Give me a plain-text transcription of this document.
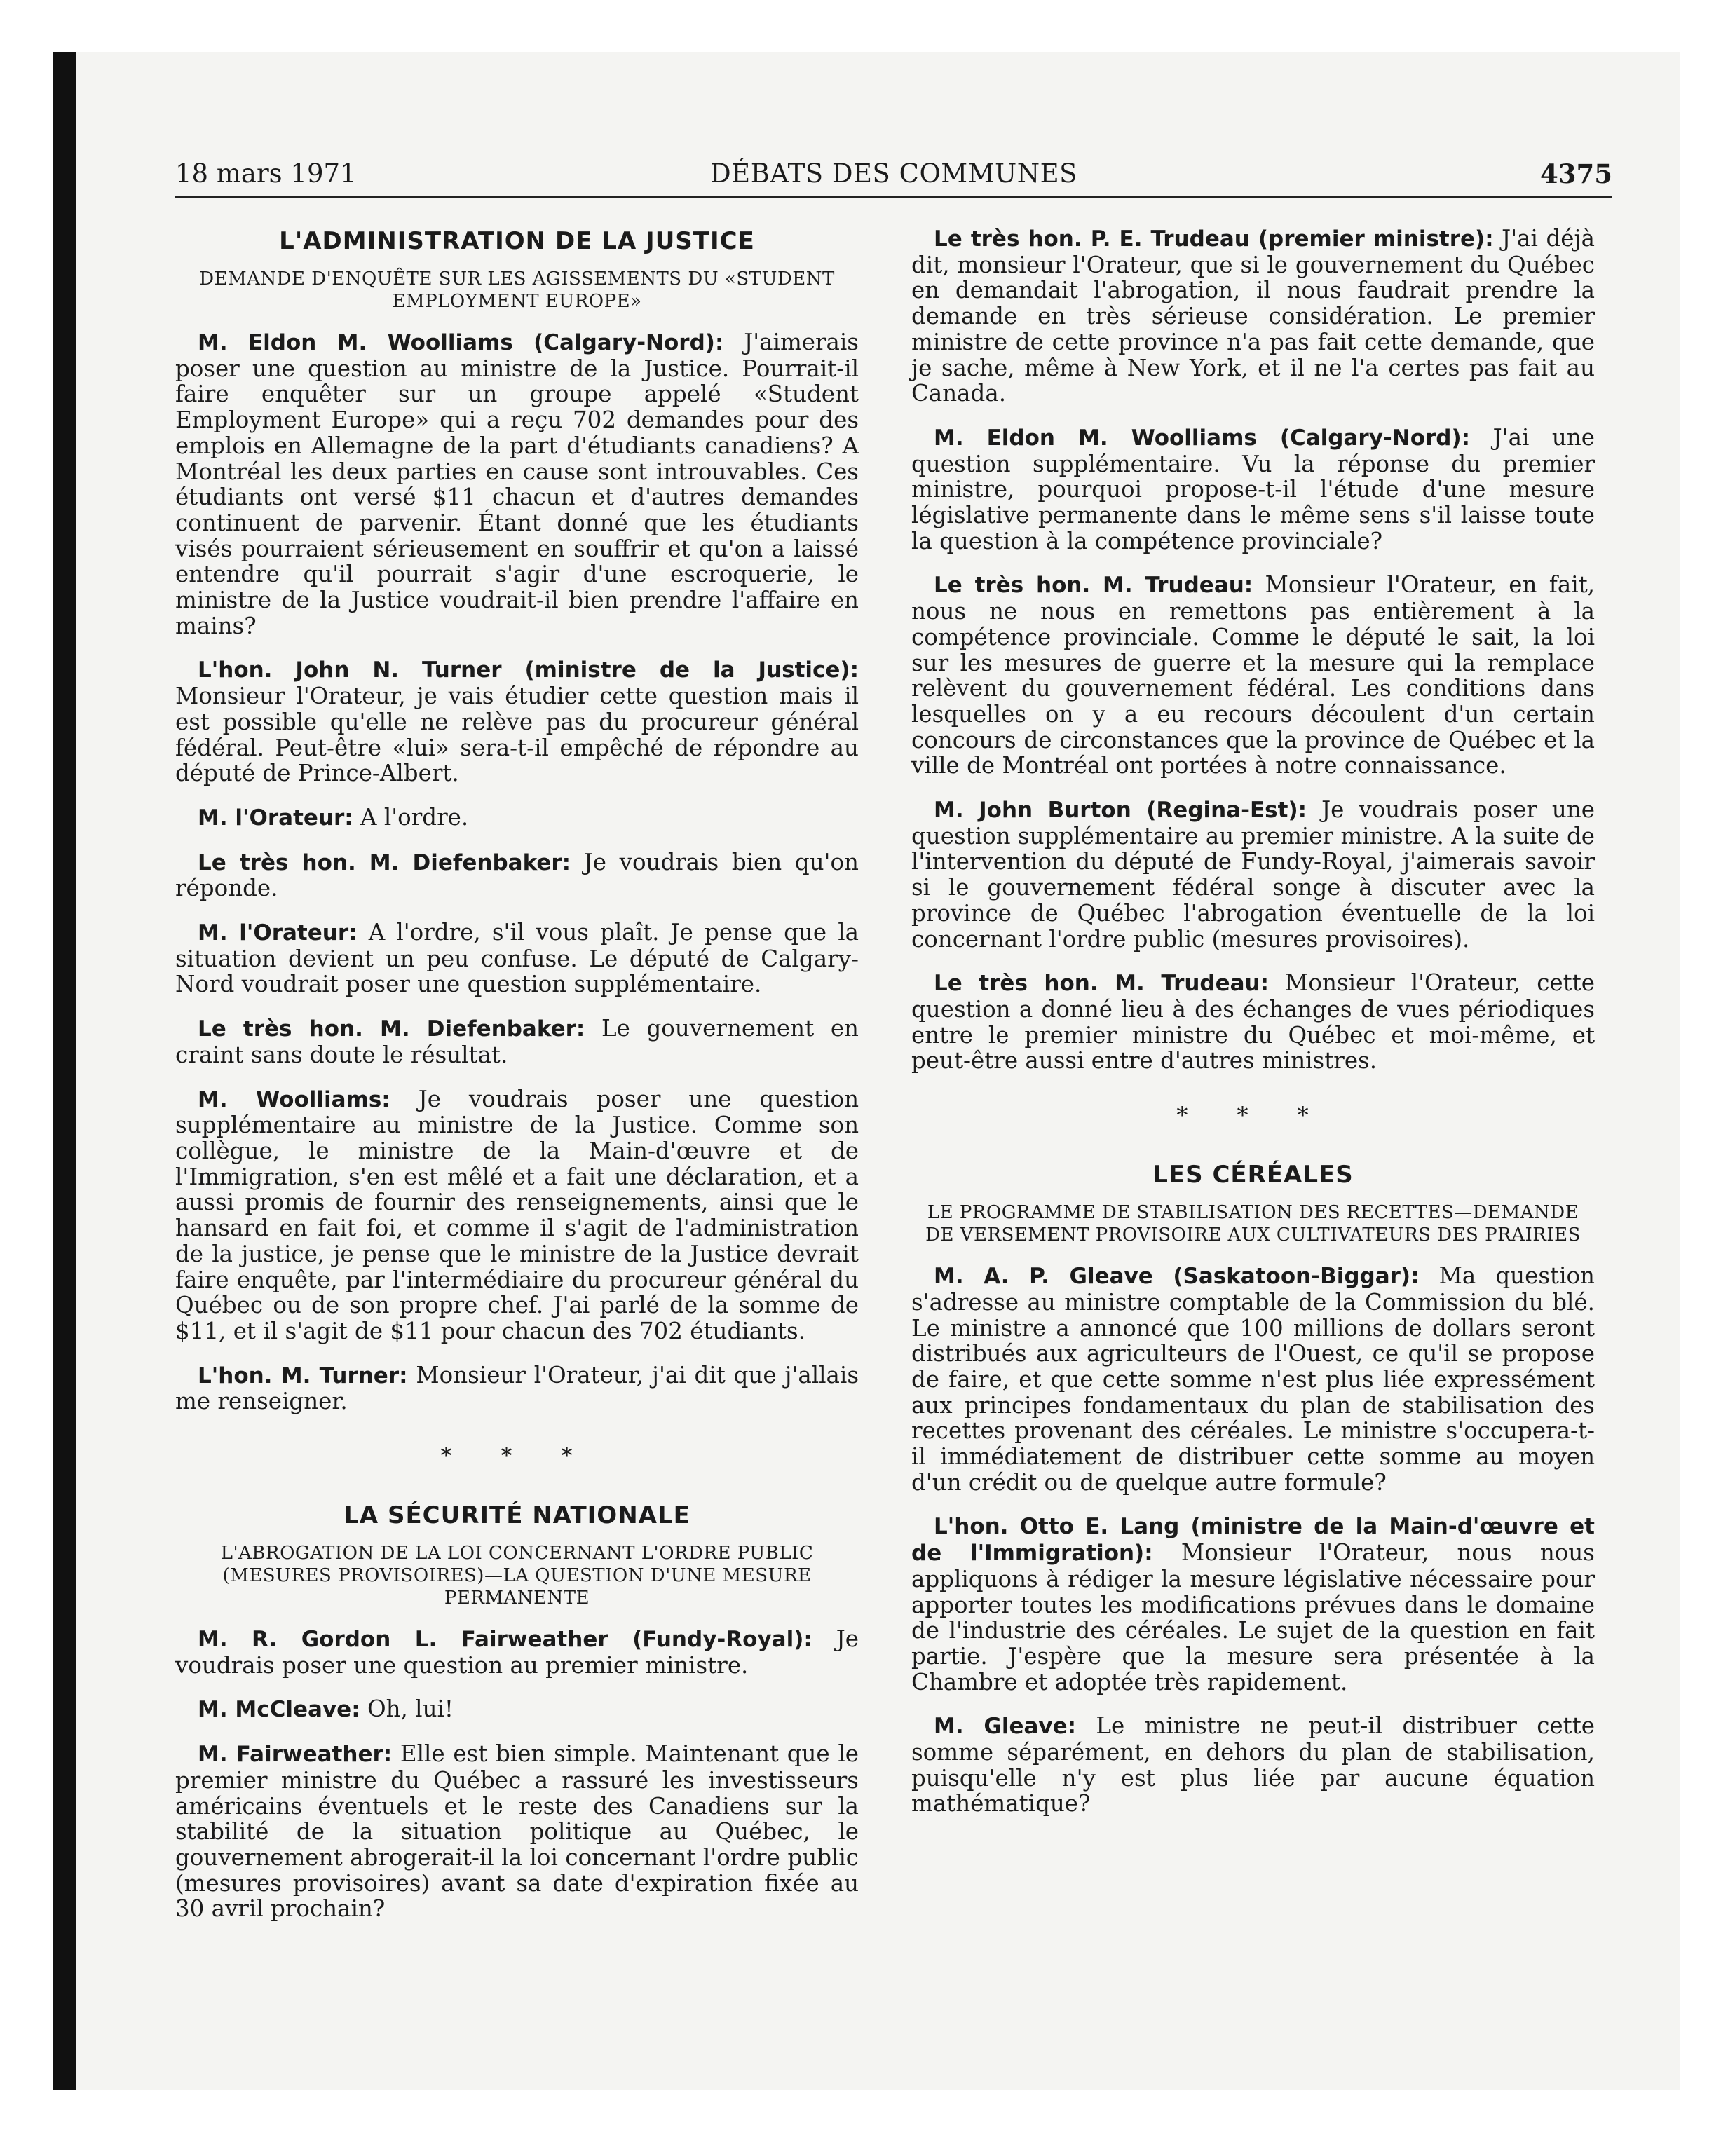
18 mars 1971	DÉBATS DES COMMUNES	4375
L'ADMINISTRATION DE LA JUSTICE
DEMANDE D'ENQUÊTE SUR LES AGISSEMENTS DU «STUDENT EMPLOYMENT EUROPE»

M. Eldon M. Woolliams (Calgary-Nord): J'aimerais poser une question au ministre de la Justice. Pourrait-il faire enquêter sur un groupe appelé «Student Employment Europe» qui a reçu 702 demandes pour des emplois en Allemagne de la part d'étudiants canadiens? A Montréal les deux parties en cause sont introuvables. Ces étudiants ont versé $11 chacun et d'autres demandes continuent de parvenir. Étant donné que les étudiants visés pourraient sérieusement en souffrir et qu'on a laissé entendre qu'il pourrait s'agir d'une escroquerie, le ministre de la Justice voudrait-il bien prendre l'affaire en mains?

L'hon. John N. Turner (ministre de la Justice): Monsieur l'Orateur, je vais étudier cette question mais il est possible qu'elle ne relève pas du procureur général fédéral. Peut-être «lui» sera-t-il empêché de répondre au député de Prince-Albert.

M. l'Orateur: A l'ordre.

Le très hon. M. Diefenbaker: Je voudrais bien qu'on réponde.

M. l'Orateur: A l'ordre, s'il vous plaît. Je pense que la situation devient un peu confuse. Le député de Calgary-Nord voudrait poser une question supplémentaire.

Le très hon. M. Diefenbaker: Le gouvernement en craint sans doute le résultat.

M. Woolliams: Je voudrais poser une question supplémentaire au ministre de la Justice. Comme son collègue, le ministre de la Main-d'œuvre et de l'Immigration, s'en est mêlé et a fait une déclaration, et a aussi promis de fournir des renseignements, ainsi que le hansard en fait foi, et comme il s'agit de l'administration de la justice, je pense que le ministre de la Justice devrait faire enquête, par l'intermédiaire du procureur général du Québec ou de son propre chef. J'ai parlé de la somme de $11, et il s'agit de $11 pour chacun des 702 étudiants.

L'hon. M. Turner: Monsieur l'Orateur, j'ai dit que j'allais me renseigner.

* * *
LA SÉCURITÉ NATIONALE
L'ABROGATION DE LA LOI CONCERNANT L'ORDRE PUBLIC (MESURES PROVISOIRES)—LA QUESTION D'UNE MESURE PERMANENTE

M. R. Gordon L. Fairweather (Fundy-Royal): Je voudrais poser une question au premier ministre.

M. McCleave: Oh, lui!

M. Fairweather: Elle est bien simple. Maintenant que le premier ministre du Québec a rassuré les investisseurs américains éventuels et le reste des Canadiens sur la stabilité de la situation politique au Québec, le gouvernement abrogerait-il la loi concernant l'ordre public (mesures provisoires) avant sa date d'expiration fixée au 30 avril prochain?

Le très hon. P. E. Trudeau (premier ministre): J'ai déjà dit, monsieur l'Orateur, que si le gouvernement du Québec en demandait l'abrogation, il nous faudrait prendre la demande en très sérieuse considération. Le premier ministre de cette province n'a pas fait cette demande, que je sache, même à New York, et il ne l'a certes pas fait au Canada.

M. Eldon M. Woolliams (Calgary-Nord): J'ai une question supplémentaire. Vu la réponse du premier ministre, pourquoi propose-t-il l'étude d'une mesure législative permanente dans le même sens s'il laisse toute la question à la compétence provinciale?

Le très hon. M. Trudeau: Monsieur l'Orateur, en fait, nous ne nous en remettons pas entièrement à la compétence provinciale. Comme le député le sait, la loi sur les mesures de guerre et la mesure qui la remplace relèvent du gouvernement fédéral. Les conditions dans lesquelles on y a eu recours découlent d'un certain concours de circonstances que la province de Québec et la ville de Montréal ont portées à notre connaissance.

M. John Burton (Regina-Est): Je voudrais poser une question supplémentaire au premier ministre. A la suite de l'intervention du député de Fundy-Royal, j'aimerais savoir si le gouvernement fédéral songe à discuter avec la province de Québec l'abrogation éventuelle de la loi concernant l'ordre public (mesures provisoires).

Le très hon. M. Trudeau: Monsieur l'Orateur, cette question a donné lieu à des échanges de vues périodiques entre le premier ministre du Québec et moi-même, et peut-être aussi entre d'autres ministres.

* * *
LES CÉRÉALES
LE PROGRAMME DE STABILISATION DES RECETTES—DEMANDE DE VERSEMENT PROVISOIRE AUX CULTIVATEURS DES PRAIRIES

M. A. P. Gleave (Saskatoon-Biggar): Ma question s'adresse au ministre comptable de la Commission du blé. Le ministre a annoncé que 100 millions de dollars seront distribués aux agriculteurs de l'Ouest, ce qu'il se propose de faire, et que cette somme n'est plus liée expressément aux principes fondamentaux du plan de stabilisation des recettes provenant des céréales. Le ministre s'occupera-t-il immédiatement de distribuer cette somme au moyen d'un crédit ou de quelque autre formule?

L'hon. Otto E. Lang (ministre de la Main-d'œuvre et de l'Immigration): Monsieur l'Orateur, nous nous appliquons à rédiger la mesure législative nécessaire pour apporter toutes les modifications prévues dans le domaine de l'industrie des céréales. Le sujet de la question en fait partie. J'espère que la mesure sera présentée à la Chambre et adoptée très rapidement.

M. Gleave: Le ministre ne peut-il distribuer cette somme séparément, en dehors du plan de stabilisation, puisqu'elle n'y est plus liée par aucune équation mathématique?
